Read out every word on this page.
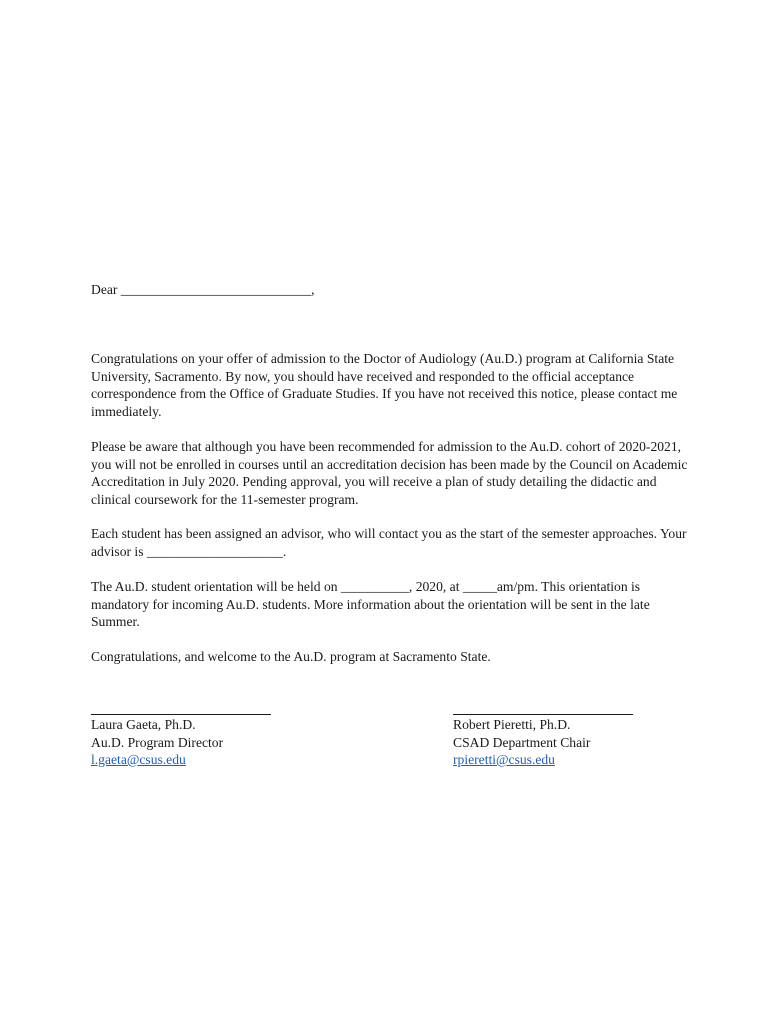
Dear ____________________________,

Congratulations on your offer of admission to the Doctor of Audiology (Au.D.) program at California State University, Sacramento. By now, you should have received and responded to the official acceptance correspondence from the Office of Graduate Studies. If you have not received this notice, please contact me immediately.

Please be aware that although you have been recommended for admission to the Au.D. cohort of 2020-2021, you will not be enrolled in courses until an accreditation decision has been made by the Council on Academic Accreditation in July 2020. Pending approval, you will receive a plan of study detailing the didactic and clinical coursework for the 11-semester program.

Each student has been assigned an advisor, who will contact you as the start of the semester approaches. Your advisor is ____________________.

The Au.D. student orientation will be held on __________, 2020, at _____am/pm. This orientation is mandatory for incoming Au.D. students. More information about the orientation will be sent in the late Summer.

Congratulations, and welcome to the Au.D. program at Sacramento State.

Laura Gaeta, Ph.D.
Au.D. Program Director
l.gaeta@csus.edu
Robert Pieretti, Ph.D.
CSAD Department Chair
rpieretti@csus.edu
